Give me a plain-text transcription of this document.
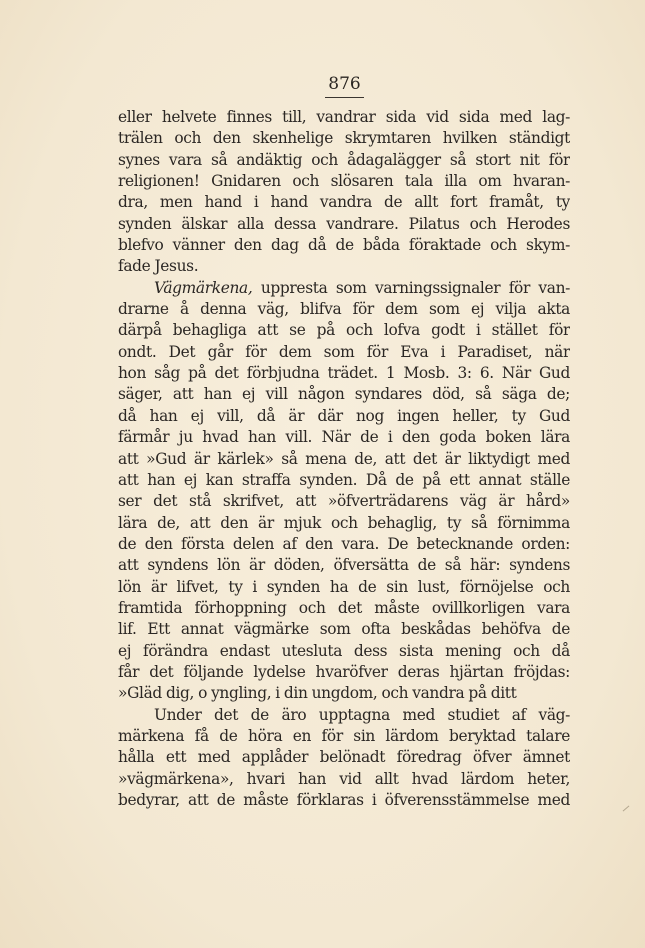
876
eller helvete finnes till, vandrar sida vid sida med lag-
trälen och den skenhelige skrymtaren hvilken ständigt
synes vara så andäktig och ådagalägger så stort nit för
religionen! Gnidaren och slösaren tala illa om hvaran-
dra, men hand i hand vandra de allt fort framåt, ty
synden älskar alla dessa vandrare. Pilatus och Herodes
blefvo vänner den dag då de båda föraktade och skym-
fade Jesus.
Vägmärkena, uppresta som varningssignaler för van-
drarne å denna väg, blifva för dem som ej vilja akta
därpå behagliga att se på och lofva godt i stället för
ondt. Det går för dem som för Eva i Paradiset, när
hon såg på det förbjudna trädet. 1 Mosb. 3: 6. När Gud
säger, att han ej vill någon syndares död, så säga de;
då han ej vill, då är där nog ingen heller, ty Gud
färmår ju hvad han vill. När de i den goda boken lära
att »Gud är kärlek» så mena de, att det är liktydigt med
att han ej kan straffa synden. Då de på ett annat ställe
ser det stå skrifvet, att »öfverträdarens väg är hård»
lära de, att den är mjuk och behaglig, ty så förnimma
de den första delen af den vara. De betecknande orden:
att syndens lön är döden, öfversätta de så här: syndens
lön är lifvet, ty i synden ha de sin lust, förnöjelse och
framtida förhoppning och det måste ovillkorligen vara
lif. Ett annat vägmärke som ofta beskådas behöfva de
ej förändra endast utesluta dess sista mening och då
får det följande lydelse hvaröfver deras hjärtan fröjdas:
»Gläd dig, o yngling, i din ungdom, och vandra på ditt
Under det de äro upptagna med studiet af väg-
märkena få de höra en för sin lärdom beryktad talare
hålla ett med applåder belönadt föredrag öfver ämnet
»vägmärkena», hvari han vid allt hvad lärdom heter,
bedyrar, att de måste förklaras i öfverensstämmelse med
